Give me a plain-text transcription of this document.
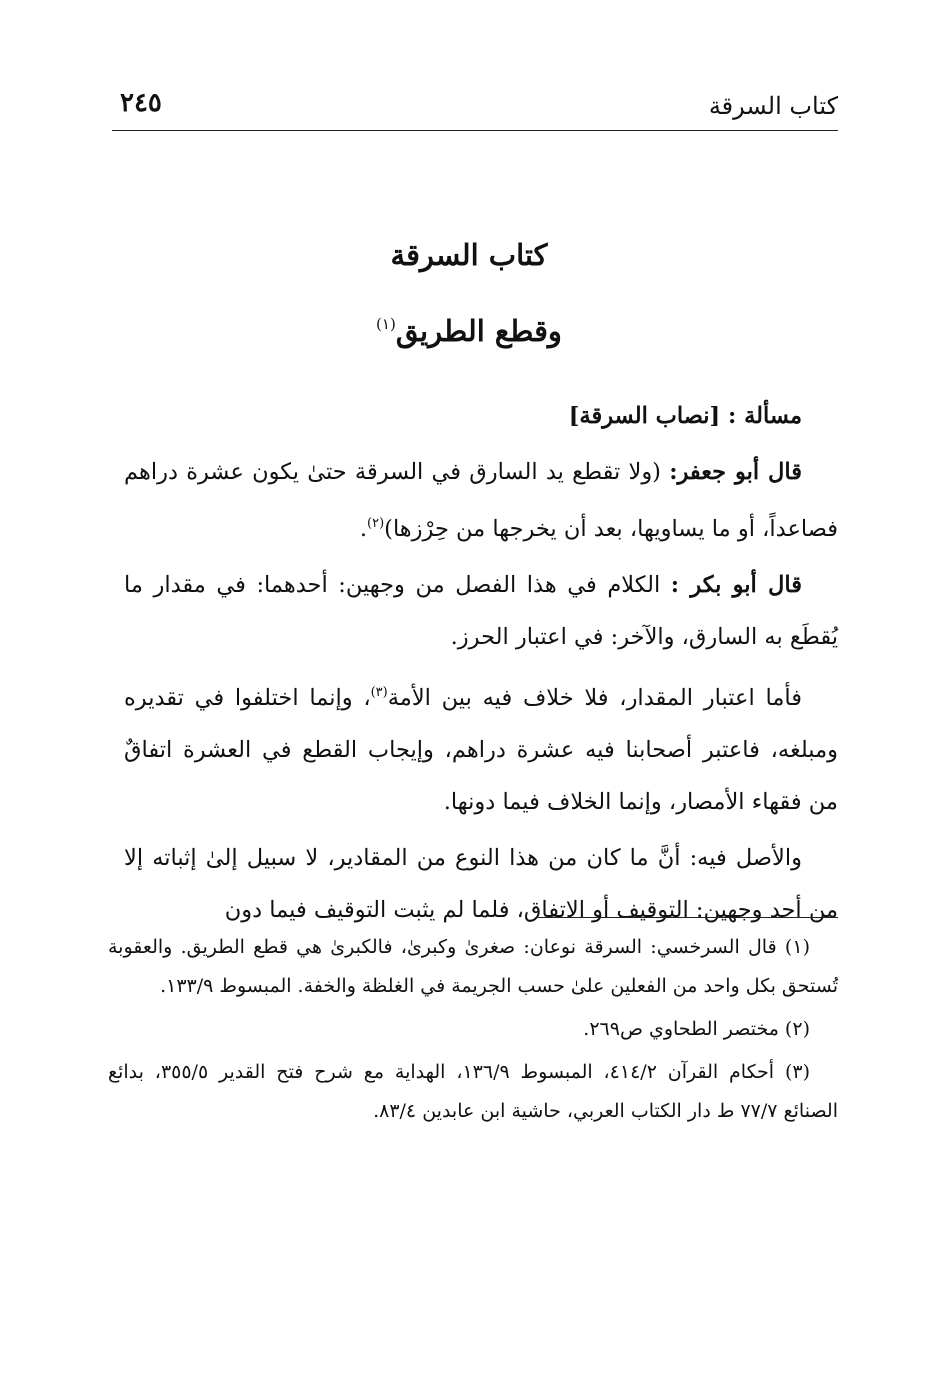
كتاب السرقة
٢٤٥
كتاب السرقة
وقطع الطريق$^{(١)}$

مسألة : [نصاب السرقة]

قال أبو جعفر: (ولا تقطع يد السارق في السرقة حتىٰ يكون عشرة دراهم فصاعداً، أو ما يساويها، بعد أن يخرجها من حِرْزها)$^{(٢)}$.

قال أبو بكر : الكلام في هذا الفصل من وجهين: أحدهما: في مقدار ما يُقطَع به السارق، والآخر: في اعتبار الحرز.

فأما اعتبار المقدار، فلا خلاف فيه بين الأمة$^{(٣)}$، وإنما اختلفوا في تقديره ومبلغه، فاعتبر أصحابنا فيه عشرة دراهم، وإيجاب القطع في العشرة اتفاقٌ من فقهاء الأمصار، وإنما الخلاف فيما دونها.

والأصل فيه: أنَّ ما كان من هذا النوع من المقادير، لا سبيل إلىٰ إثباته إلا من أحد وجهين: التوقيف أو الاتفاق، فلما لم يثبت التوقيف فيما دون

(١) قال السرخسي: السرقة نوعان: صغرىٰ وكبرىٰ، فالكبرىٰ هي قطع الطريق. والعقوبة تُستحق بكل واحد من الفعلين علىٰ حسب الجريمة في الغلظة والخفة. المبسوط ١٣٣/٩.

(٢) مختصر الطحاوي ص٢٦٩.

(٣) أحكام القرآن ٤١٤/٢، المبسوط ١٣٦/٩، الهداية مع شرح فتح القدير ٣٥٥/٥، بدائع الصنائع ٧٧/٧ ط دار الكتاب العربي، حاشية ابن عابدين ٨٣/٤.
